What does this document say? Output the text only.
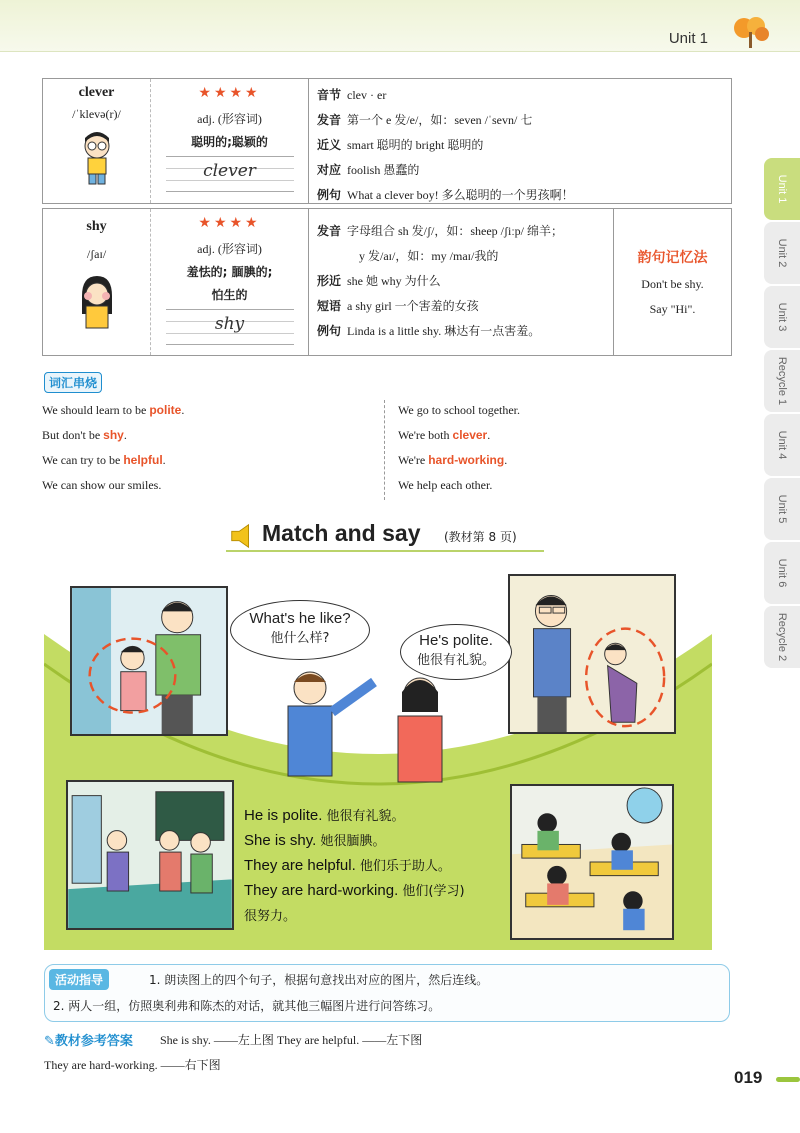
Unit 1
Unit 1
Unit 2
Unit 3
Recycle 1
Unit 4
Unit 5
Unit 6
Recycle 2
clever
/ˈklevə(r)/
★★★★
adj. (形容词)
聪明的;聪颖的
clever
音节 clev · er
发音 第一个 e 发/e/，如：seven /ˈsevn/ 七
近义 smart 聪明的 bright 聪明的
对应 foolish 愚蠢的
例句 What a clever boy! 多么聪明的一个男孩啊！
shy
/ʃaɪ/
★★★★
adj. (形容词)
羞怯的; 腼腆的;
怕生的
shy
发音 字母组合 sh 发/ʃ/，如：sheep /ʃiːp/ 绵羊；
y 发/aɪ/，如：my /maɪ/我的
形近 she 她 why 为什么
短语 a shy girl 一个害羞的女孩
例句 Linda is a little shy. 琳达有一点害羞。
韵句记忆法
Don't be shy.
Say "Hi".
词汇串烧
We should learn to be polite.
But don't be shy.
We can try to be helpful.
We can show our smiles.
We go to school together.
We're both clever.
We're hard-working.
We help each other.
Match and say (教材第 8 页)
What's he like?
他什么样?	He's polite.
他很有礼貌。
He is polite. 他很有礼貌。
She is shy. 她很腼腆。
They are helpful. 他们乐于助人。
They are hard-working. 他们(学习)
很努力。
活动指导	1. 朗读图上的四个句子，根据句意找出对应的图片，然后连线。
2. 两人一组，仿照奥利弗和陈杰的对话，就其他三幅图片进行问答练习。
✎教材参考答案 She is shy. ——左上图 They are helpful. ——左下图
They are hard-working. ——右下图
019
